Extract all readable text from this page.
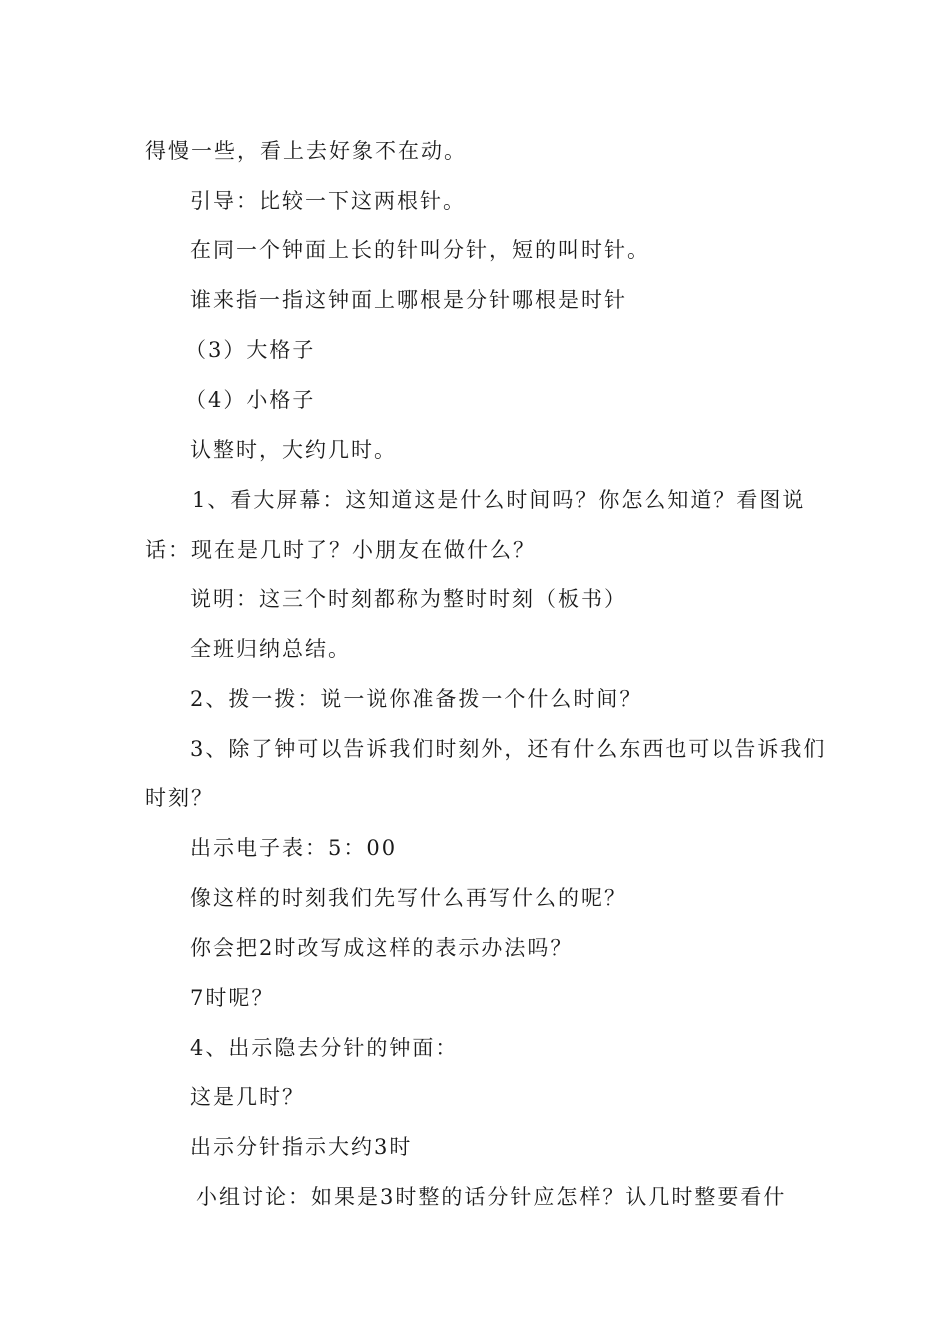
得慢一些，看上去好象不在动。
引导：比较一下这两根针。
在同一个钟面上长的针叫分针，短的叫时针。
谁来指一指这钟面上哪根是分针哪根是时针
（3）大格子
（4）小格子
认整时，大约几时。
1、看大屏幕：这知道这是什么时间吗？你怎么知道？看图说
话：现在是几时了？小朋友在做什么？
说明：这三个时刻都称为整时时刻（板书）
全班归纳总结。
2、拨一拨：说一说你准备拨一个什么时间？
3、除了钟可以告诉我们时刻外，还有什么东西也可以告诉我们
时刻？
出示电子表：5：00
像这样的时刻我们先写什么再写什么的呢？
你会把2时改写成这样的表示办法吗？
7时呢？
4、出示隐去分针的钟面：
这是几时？
出示分针指示大约3时
小组讨论：如果是3时整的话分针应怎样？认几时整要看什
